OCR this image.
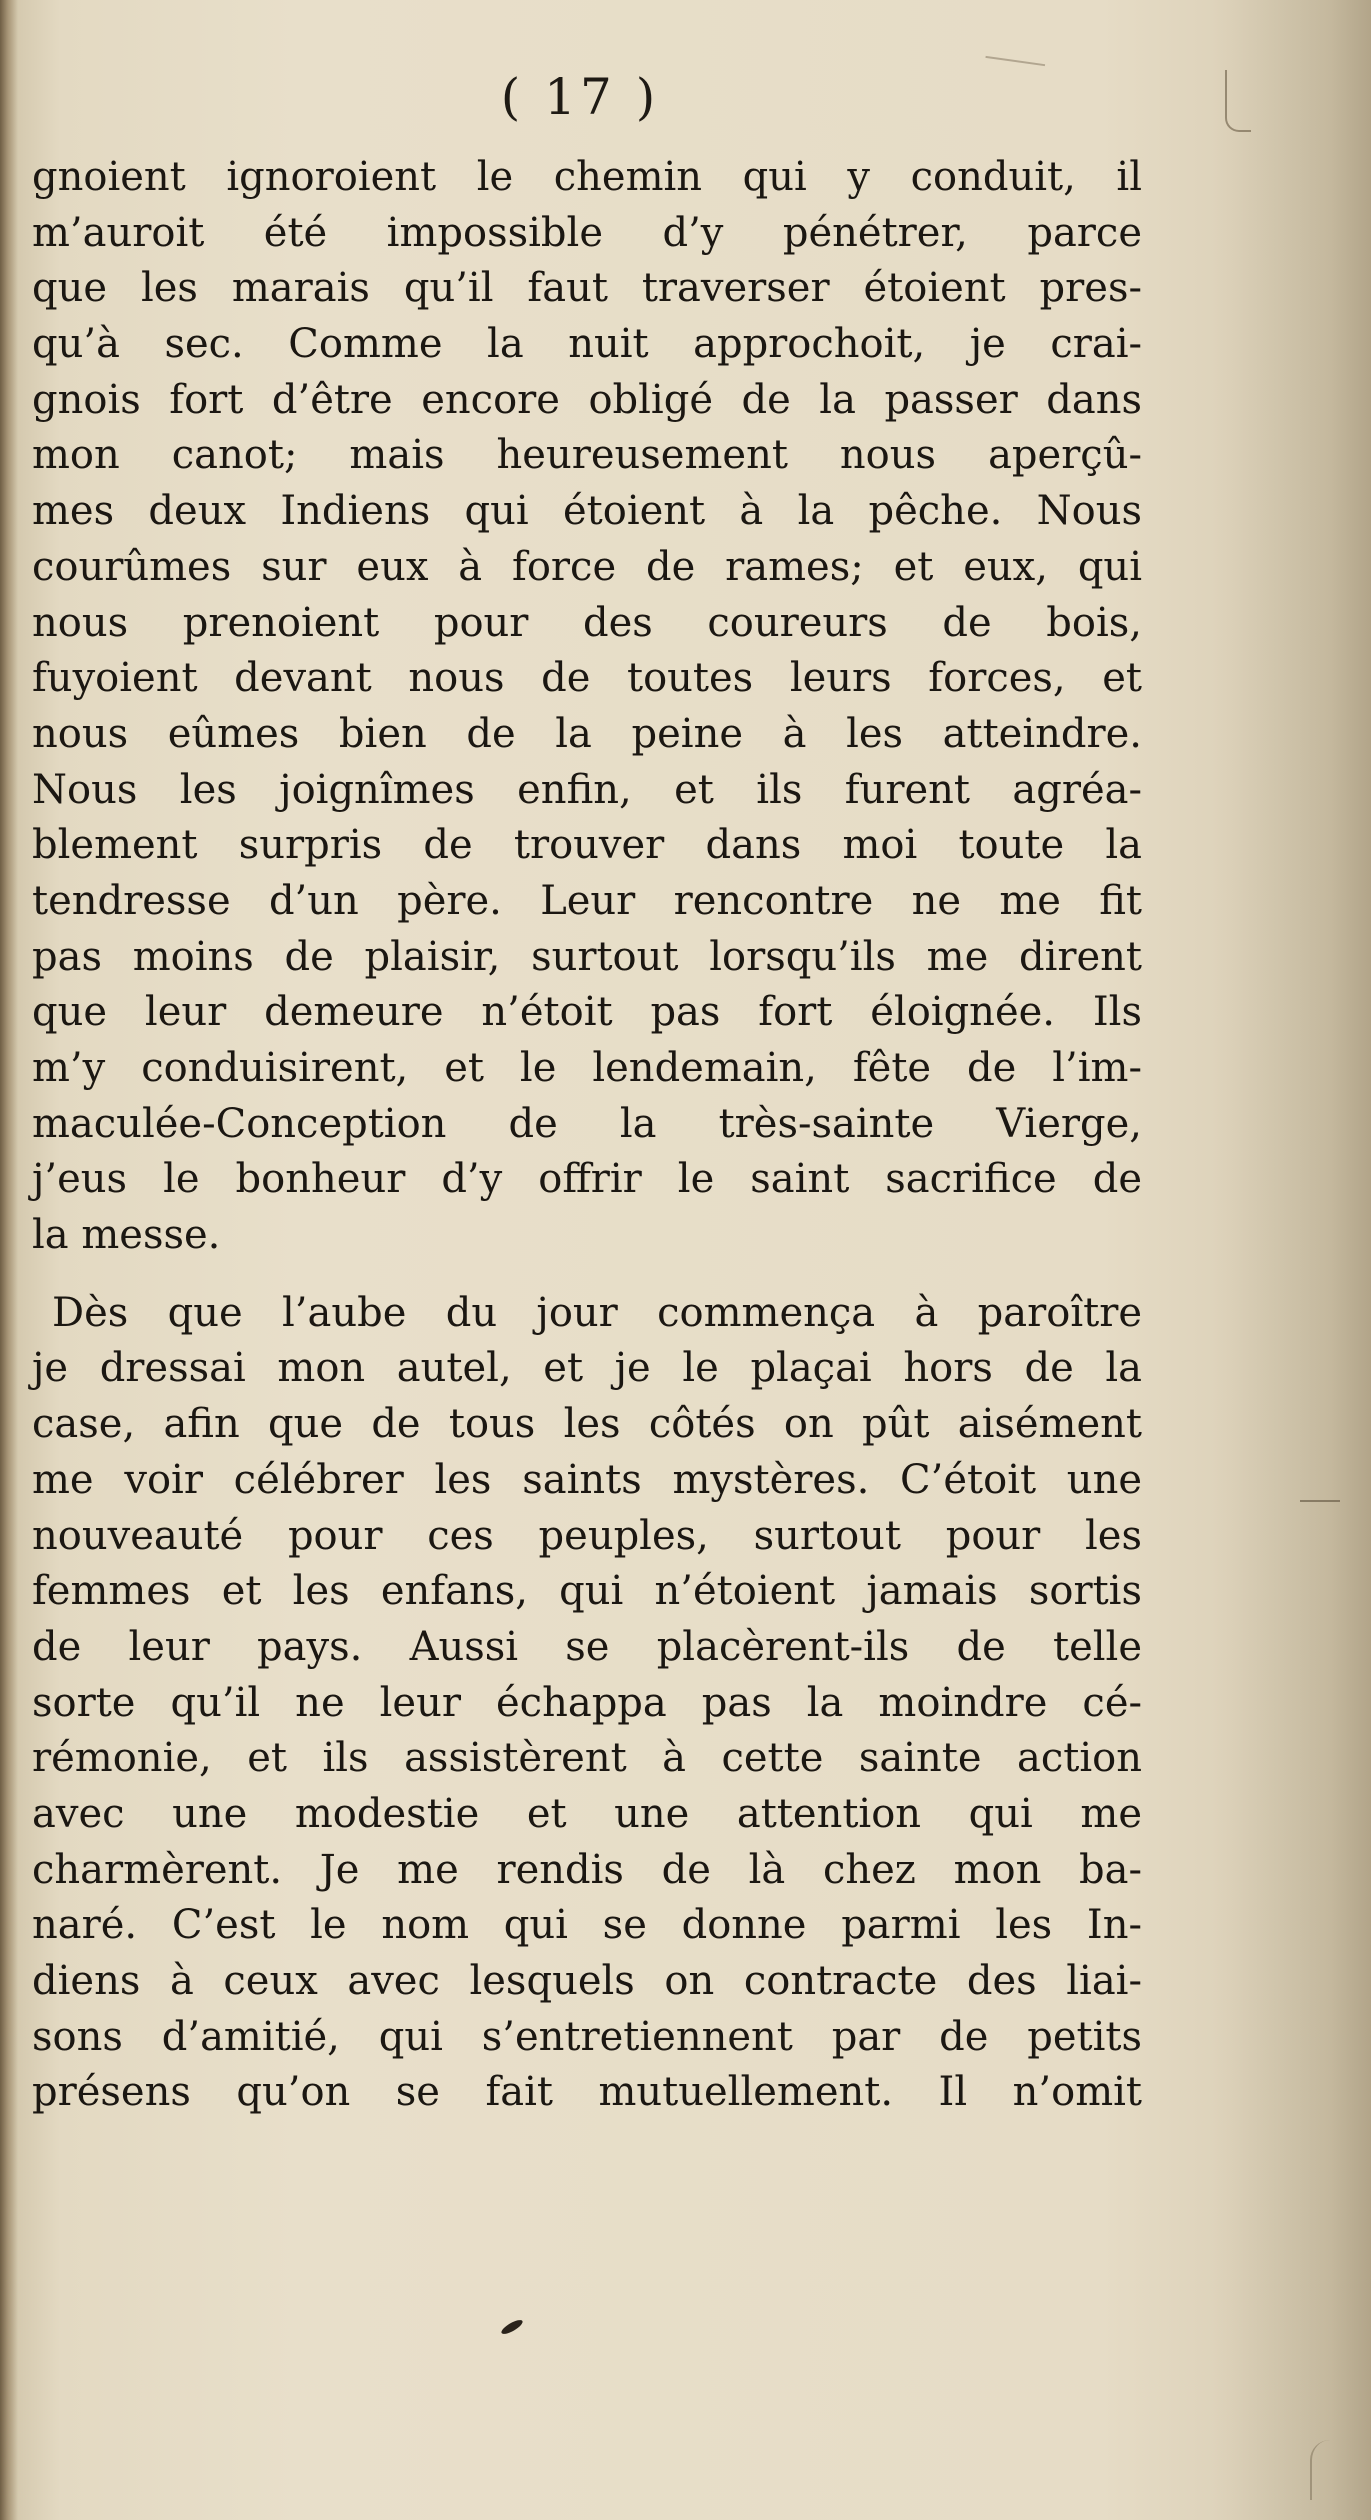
( 17 )
gnoient ignoroient le chemin qui y conduit, il
m’auroit été impossible d’y pénétrer, parce
que les marais qu’il faut traverser étoient pres-
qu’à sec. Comme la nuit approchoit, je crai-
gnois fort d’être encore obligé de la passer dans
mon canot; mais heureusement nous aperçû-
mes deux Indiens qui étoient à la pêche. Nous
courûmes sur eux à force de rames; et eux, qui
nous prenoient pour des coureurs de bois,
fuyoient devant nous de toutes leurs forces, et
nous eûmes bien de la peine à les atteindre.
Nous les joignîmes enfin, et ils furent agréa-
blement surpris de trouver dans moi toute la
tendresse d’un père. Leur rencontre ne me fit
pas moins de plaisir, surtout lorsqu’ils me dirent
que leur demeure n’étoit pas fort éloignée. Ils
m’y conduisirent, et le lendemain, fête de l’im-
maculée-Conception de la très-sainte Vierge,
j’eus le bonheur d’y offrir le saint sacrifice de
la messe.
Dès que l’aube du jour commença à paroître
je dressai mon autel, et je le plaçai hors de la
case, afin que de tous les côtés on pût aisément
me voir célébrer les saints mystères. C’étoit une
nouveauté pour ces peuples, surtout pour les
femmes et les enfans, qui n’étoient jamais sortis
de leur pays. Aussi se placèrent-ils de telle
sorte qu’il ne leur échappa pas la moindre cé-
rémonie, et ils assistèrent à cette sainte action
avec une modestie et une attention qui me
charmèrent. Je me rendis de là chez mon ba-
naré. C’est le nom qui se donne parmi les In-
diens à ceux avec lesquels on contracte des liai-
sons d’amitié, qui s’entretiennent par de petits
présens qu’on se fait mutuellement. Il n’omit
